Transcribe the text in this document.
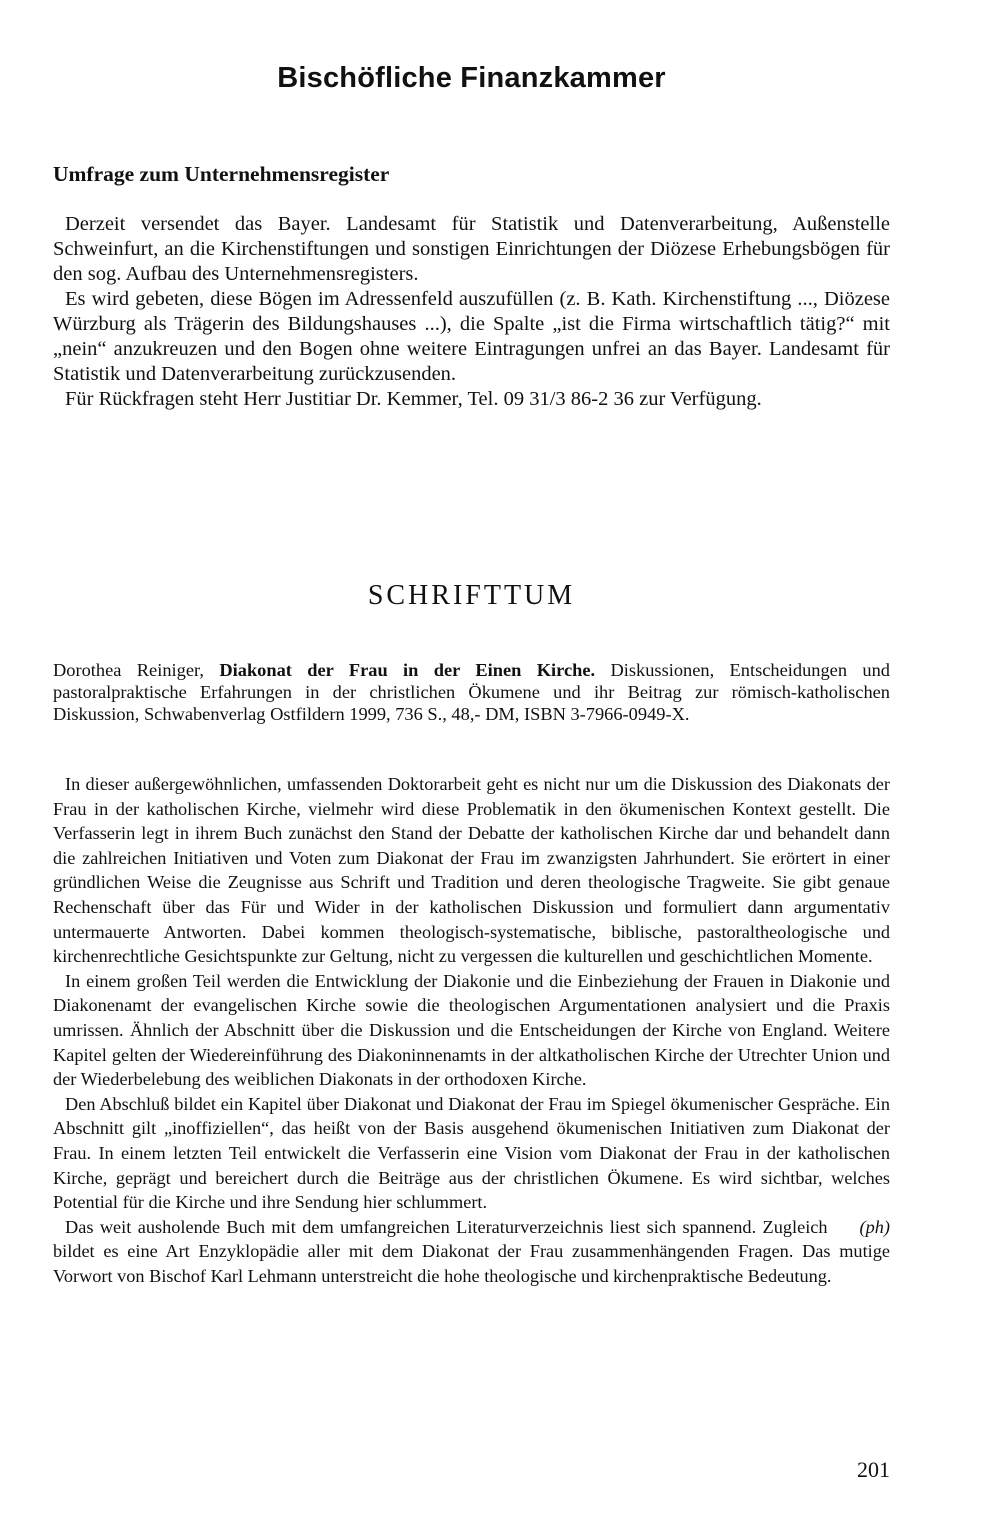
Bischöfliche Finanzkammer
Umfrage zum Unternehmensregister

Derzeit versendet das Bayer. Landesamt für Statistik und Datenverarbeitung, Außenstelle Schweinfurt, an die Kirchenstiftungen und sonstigen Einrichtungen der Diözese Erhebungsbögen für den sog. Aufbau des Unternehmensregisters.

Es wird gebeten, diese Bögen im Adressenfeld auszufüllen (z. B. Kath. Kirchenstiftung ..., Diözese Würzburg als Trägerin des Bildungshauses ...), die Spalte „ist die Firma wirtschaftlich tätig?“ mit „nein“ anzukreuzen und den Bogen ohne weitere Eintragungen unfrei an das Bayer. Landesamt für Statistik und Datenverarbeitung zurückzusenden.

Für Rückfragen steht Herr Justitiar Dr. Kemmer, Tel. 09 31/3 86-2 36 zur Verfügung.

SCHRIFTTUM

Dorothea Reiniger, Diakonat der Frau in der Einen Kirche. Diskussionen, Entscheidungen und pastoralpraktische Erfahrungen in der christlichen Ökumene und ihr Beitrag zur römisch-katholischen Diskussion, Schwabenverlag Ostfildern 1999, 736 S., 48,- DM, ISBN 3-7966-0949-X.

In dieser außergewöhnlichen, umfassenden Doktorarbeit geht es nicht nur um die Diskussion des Diakonats der Frau in der katholischen Kirche, vielmehr wird diese Problematik in den ökumenischen Kontext gestellt. Die Verfasserin legt in ihrem Buch zunächst den Stand der Debatte der katholischen Kirche dar und behandelt dann die zahlreichen Initiativen und Voten zum Diakonat der Frau im zwanzigsten Jahrhundert. Sie erörtert in einer gründlichen Weise die Zeugnisse aus Schrift und Tradition und deren theologische Tragweite. Sie gibt genaue Rechenschaft über das Für und Wider in der katholischen Diskussion und formuliert dann argumentativ untermauerte Antworten. Dabei kommen theologisch-systematische, biblische, pastoraltheologische und kirchenrechtliche Gesichtspunkte zur Geltung, nicht zu vergessen die kulturellen und geschichtlichen Momente.

In einem großen Teil werden die Entwicklung der Diakonie und die Einbeziehung der Frauen in Diakonie und Diakonenamt der evangelischen Kirche sowie die theologischen Argumentationen analysiert und die Praxis umrissen. Ähnlich der Abschnitt über die Diskussion und die Entscheidungen der Kirche von England. Weitere Kapitel gelten der Wiedereinführung des Diakoninnenamts in der altkatholischen Kirche der Utrechter Union und der Wiederbelebung des weiblichen Diakonats in der orthodoxen Kirche.

Den Abschluß bildet ein Kapitel über Diakonat und Diakonat der Frau im Spiegel ökumenischer Gespräche. Ein Abschnitt gilt „inoffiziellen“, das heißt von der Basis ausgehend ökumenischen Initiativen zum Diakonat der Frau. In einem letzten Teil entwickelt die Verfasserin eine Vision vom Diakonat der Frau in der katholischen Kirche, geprägt und bereichert durch die Beiträge aus der christlichen Ökumene. Es wird sichtbar, welches Potential für die Kirche und ihre Sendung hier schlummert.

(ph)
Das weit ausholende Buch mit dem umfangreichen Literaturverzeichnis liest sich spannend. Zugleich bildet es eine Art Enzyklopädie aller mit dem Diakonat der Frau zusammenhängenden Fragen. Das mutige Vorwort von Bischof Karl Lehmann unterstreicht die hohe theologische und kirchenpraktische Bedeutung.

201
